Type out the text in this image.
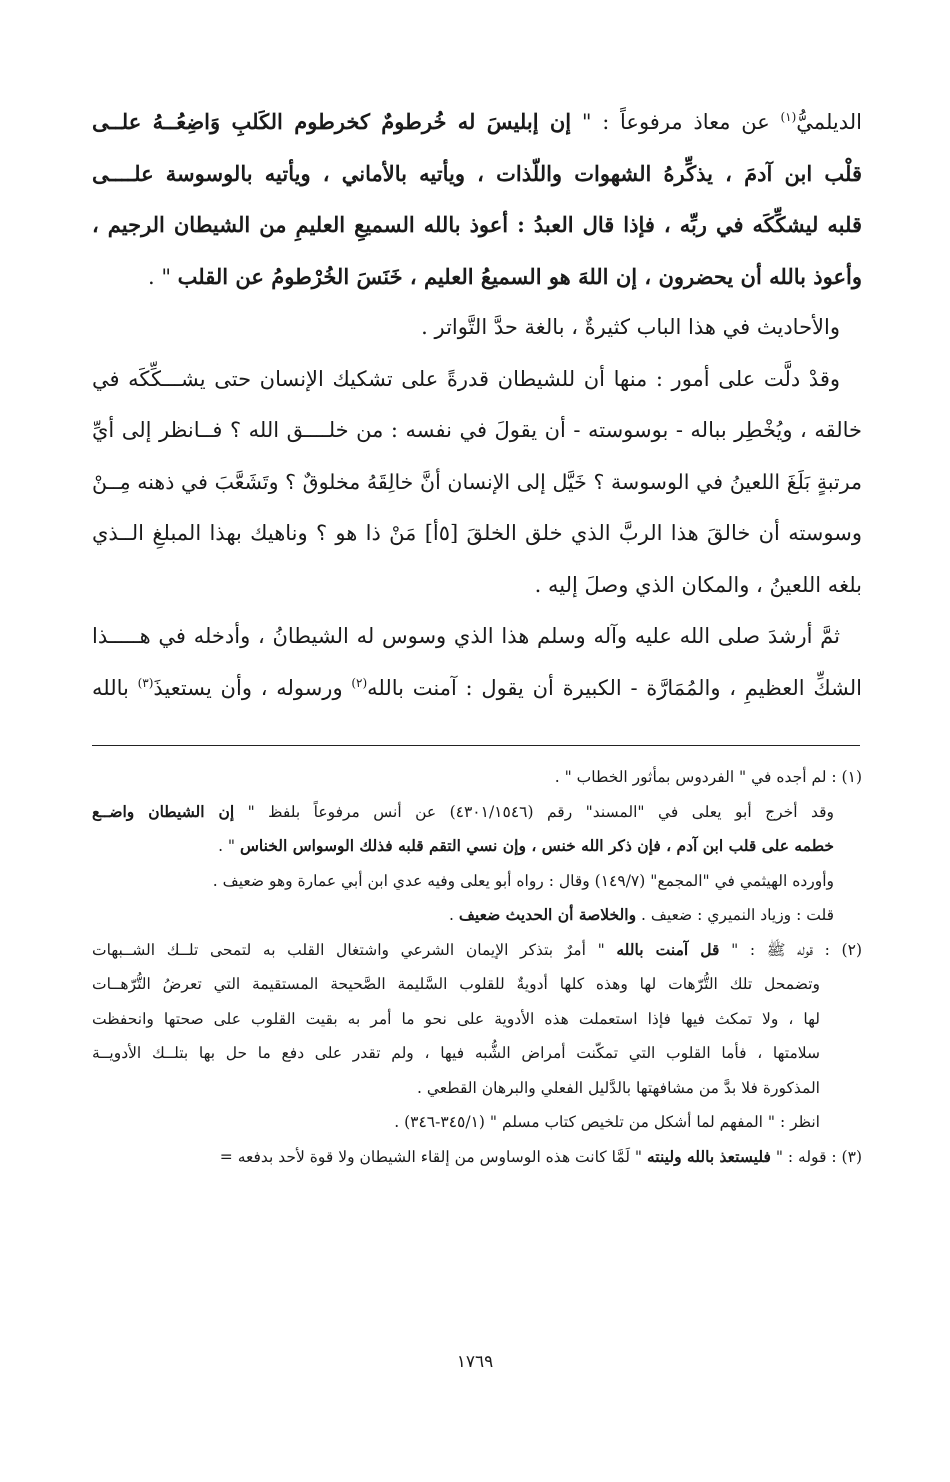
الديلميُّ$^{(١)}$ عن معاذ مرفوعاً : " إن إبليسَ له خُرطومٌ كخرطوم الكَلبِ وَاضِعُــهُ علــى
قلْب ابن آدمَ ، يذكِّرهُ الشهوات واللّذات ، ويأتيه بالأماني ، ويأتيه بالوسوسة علــــى
قلبه ليشكِّكَه في ربِّه ، فإذا قال العبدُ : أعوذ بالله السميعِ العليمِ من الشيطان الرجيم ،
وأعوذ بالله أن يحضرون ، إن اللهَ هو السميعُ العليم ، خَنَسَ الخُرْطومُ عن القلب " .
والأحاديث في هذا الباب كثيرةٌ ، بالغة حدَّ التَّواتر .
وقدْ دلَّت على أمور : منها أن للشيطان قدرةً على تشكيك الإنسان حتى يشـــكِّكَه في
خالقه ، ويُخْطِر بباله - بوسوسته - أن يقولَ في نفسه : من خلــــق الله ؟ فــانظر إلى أيِّ
مرتبةٍ بَلَغَ اللعينُ في الوسوسة ؟ خَيَّل إلى الإنسان أنَّ خالِقَهُ مخلوقٌ ؟ وتَشَعَّبَ في ذهنه مِــنْ
وسوسته أن خالقَ هذا الربَّ الذي خلق الخلقَ [٥أ] مَنْ ذا هو ؟ وناهيك بهذا المبلغِ الــذي
بلغه اللعينُ ، والمكان الذي وصلَ إليه .
ثمَّ أرشدَ صلى الله عليه وآله وسلم هذا الذي وسوس له الشيطانُ ، وأدخله في هـــــذا
الشكِّ العظيمِ ، والمُمَارَّة - الكبيرة أن يقول : آمنت بالله$^{(٢)}$ ورسوله ، وأن يستعيذَ$^{(٣)}$ بالله
(١) : لم أجده في " الفردوس بمأثور الخطاب " .
وقد أخرج أبو يعلى في "المسند" رقم (٤٣٠١/١٥٤٦) عن أنس مرفوعاً بلفظ " إن الشيطان واضــع
خطمه على قلب ابن آدم ، فإن ذكر الله خنس ، وإن نسي التقم قلبه فذلك الوسواس الخناس " .
وأورده الهيثمي في "المجمع" (١٤٩/٧) وقال : رواه أبو يعلى وفيه عدي ابن أبي عمارة وهو ضعيف .
قلت : وزياد النميري : ضعيف . والخلاصة أن الحديث ضعيف .
(٢) : قوله ﷺ : " قل آمنت بالله " أمرٌ بتذكر الإيمان الشرعي واشتغال القلب به لتمحى تلــك الشــبهات
وتضمحل تلك التُّرّهات لها وهذه كلها أدويةٌ للقلوب السَّليمة الصَّحيحة المستقيمة التي تعرضُ التُّرّهــات
لها ، ولا تمكث فيها فإذا استعملت هذه الأدوية على نحو ما أمر به بقيت القلوب على صحتها وانحفظت
سلامتها ، فأما القلوب التي تمكّنت أمراض الشُّبه فيها ، ولم تقدر على دفع ما حل بها بتلــك الأدويــة
المذكورة فلا بدَّ من مشافهتها بالدَّليل الفعلي والبرهان القطعي .
انظر : " المفهم لما أشكل من تلخيص كتاب مسلم " (٣٤٥/١-٣٤٦) .
(٣) : قوله : " فليستعذ بالله ولينته " لَمَّا كانت هذه الوساوس من إلقاء الشيطان ولا قوة لأحد بدفعه =
١٧٦٩
